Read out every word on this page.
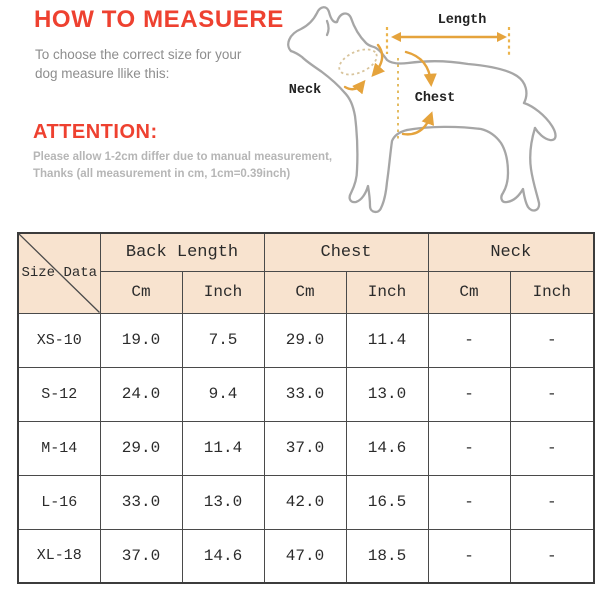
HOW TO MEASUERE
To choose the correct size for your dog measure llike this:
ATTENTION:
Please allow 1-2cm differ due to manual measurement,
Thanks (all measurement in cm, 1cm=0.39inch)
Length
Neck
Chest
Size Data	Back Length		Chest		Neck	
	Cm	Inch	Cm	Inch	Cm	Inch
XS-10	19.0	7.5	29.0	11.4	-	-
S-12	24.0	9.4	33.0	13.0	-	-
M-14	29.0	11.4	37.0	14.6	-	-
L-16	33.0	13.0	42.0	16.5	-	-
XL-18	37.0	14.6	47.0	18.5	-	-
